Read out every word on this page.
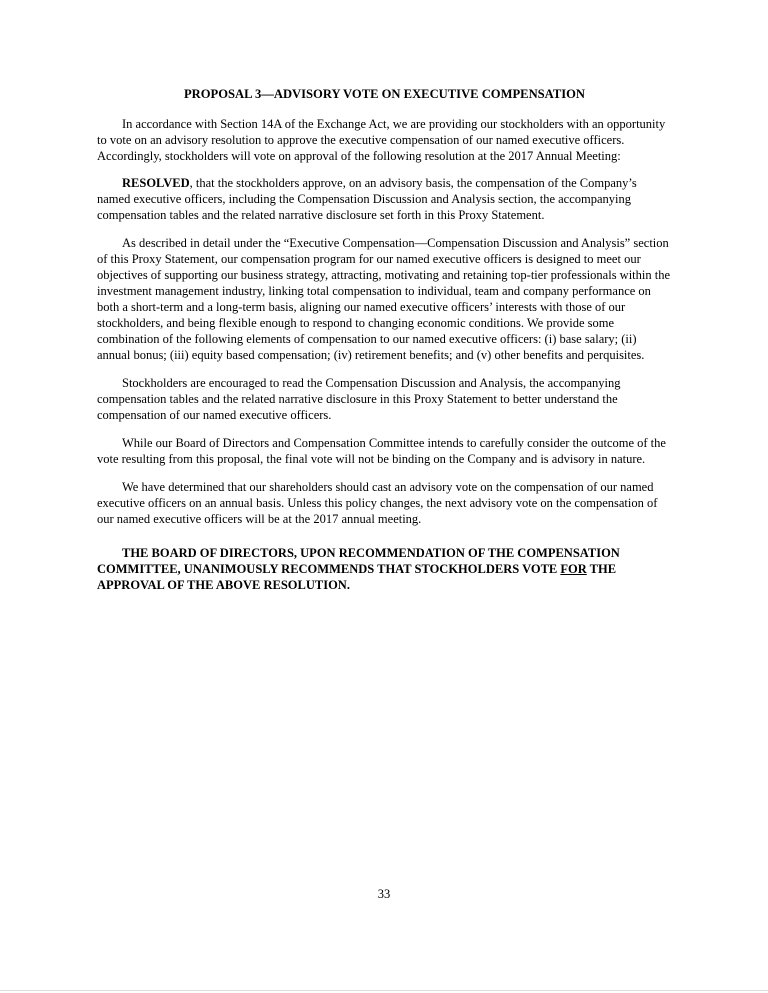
PROPOSAL 3—ADVISORY VOTE ON EXECUTIVE COMPENSATION

In accordance with Section 14A of the Exchange Act, we are providing our stockholders with an opportunity to vote on an advisory resolution to approve the executive compensation of our named executive officers. Accordingly, stockholders will vote on approval of the following resolution at the 2017 Annual Meeting:

RESOLVED, that the stockholders approve, on an advisory basis, the compensation of the Company’s named executive officers, including the Compensation Discussion and Analysis section, the accompanying compensation tables and the related narrative disclosure set forth in this Proxy Statement.

As described in detail under the “Executive Compensation—Compensation Discussion and Analysis” section of this Proxy Statement, our compensation program for our named executive officers is designed to meet our objectives of supporting our business strategy, attracting, motivating and retaining top-tier professionals within the investment management industry, linking total compensation to individual, team and company performance on both a short-term and a long-term basis, aligning our named executive officers’ interests with those of our stockholders, and being flexible enough to respond to changing economic conditions. We provide some combination of the following elements of compensation to our named executive officers: (i) base salary; (ii) annual bonus; (iii) equity based compensation; (iv) retirement benefits; and (v) other benefits and perquisites.

Stockholders are encouraged to read the Compensation Discussion and Analysis, the accompanying compensation tables and the related narrative disclosure in this Proxy Statement to better understand the compensation of our named executive officers.

While our Board of Directors and Compensation Committee intends to carefully consider the outcome of the vote resulting from this proposal, the final vote will not be binding on the Company and is advisory in nature.

We have determined that our shareholders should cast an advisory vote on the compensation of our named executive officers on an annual basis. Unless this policy changes, the next advisory vote on the compensation of our named executive officers will be at the 2017 annual meeting.

THE BOARD OF DIRECTORS, UPON RECOMMENDATION OF THE COMPENSATION COMMITTEE, UNANIMOUSLY RECOMMENDS THAT STOCKHOLDERS VOTE FOR THE APPROVAL OF THE ABOVE RESOLUTION.

33
